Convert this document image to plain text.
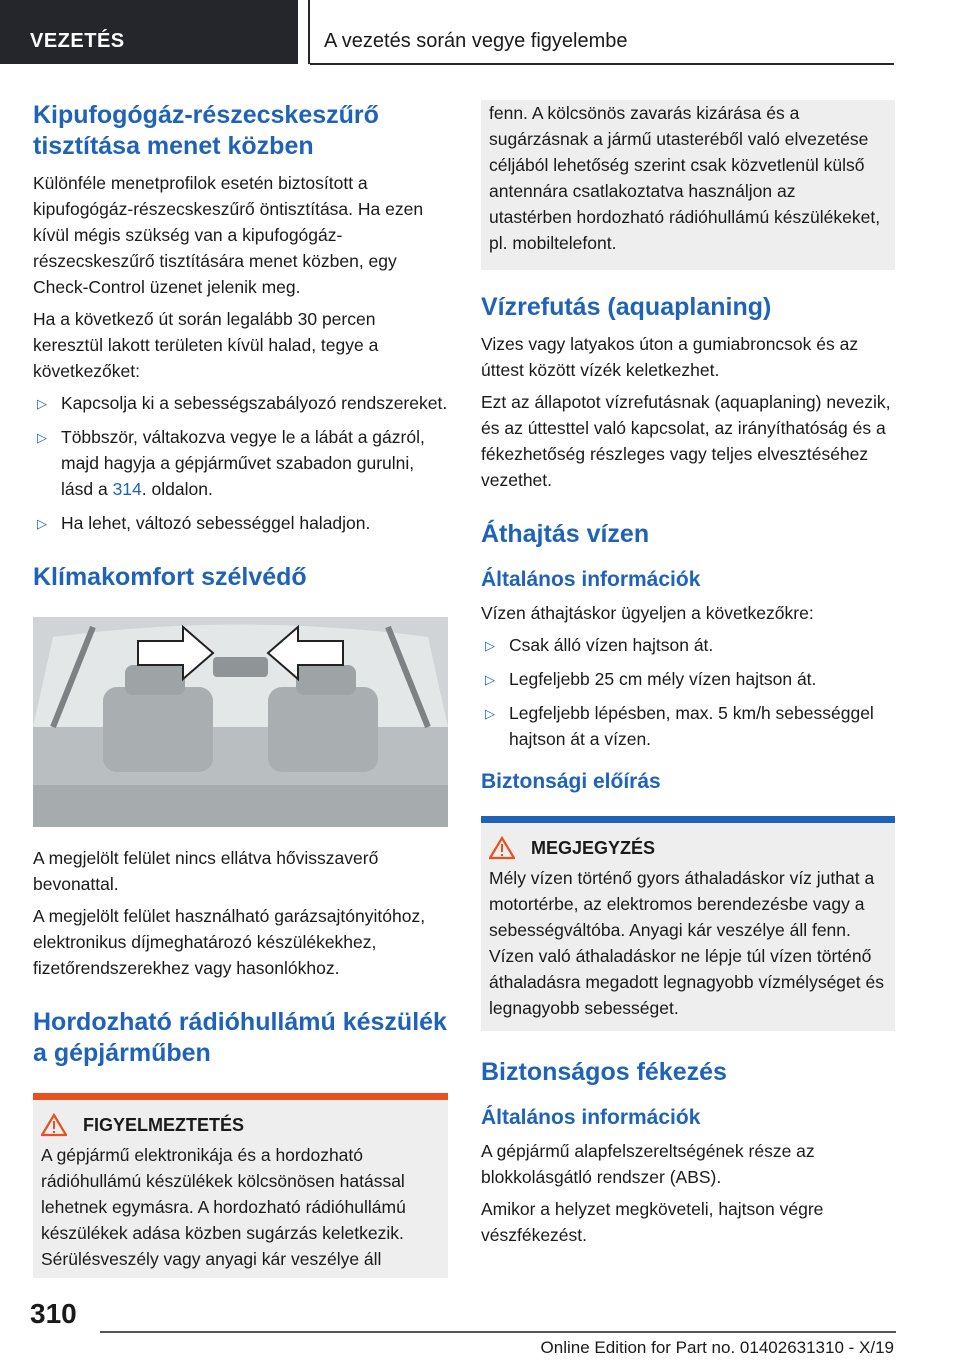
VEZETÉS	A vezetés során vegye figyelembe
Kipufogógáz-részecskeszűrő tisztítása menet közben

Különféle menetprofilok esetén biztosított a kipufogógáz-részecskeszűrő öntisztítása. Ha ezen kívül mégis szükség van a kipufogógáz-részecskeszűrő tisztítására menet közben, egy Check-Control üzenet jelenik meg.

Ha a következő út során legalább 30 percen keresztül lakott területen kívül halad, tegye a következőket:

▷ Kapcsolja ki a sebességszabályozó rendszereket.
▷ Többször, váltakozva vegye le a lábát a gázról, majd hagyja a gépjárművet szabadon gurulni, lásd a 314. oldalon.
▷ Ha lehet, változó sebességgel haladjon.
Klímakomfort szélvédő

A megjelölt felület nincs ellátva hővisszaverő bevonattal.

A megjelölt felület használható garázsajtónyitóhoz, elektronikus díjmeghatározó készülékekhez, fizetőrendszerekhez vagy hasonlókhoz.

Hordozható rádióhullámú készülék a gépjárműben
FIGYELMEZTETÉS
A gépjármű elektronikája és a hordozható rádióhullámú készülékek kölcsönösen hatással lehetnek egymásra. A hordozható rádióhullámú készülékek adása közben sugárzás keletkezik. Sérülésveszély vagy anyagi kár veszélye áll
fenn. A kölcsönös zavarás kizárása és a sugárzásnak a jármű utasteréből való elvezetése céljából lehetőség szerint csak közvetlenül külső antennára csatlakoztatva használjon az utastérben hordozható rádióhullámú készülékeket, pl. mobiltelefont.
Vízrefutás (aquaplaning)

Vizes vagy latyakos úton a gumiabroncsok és az úttest között vízék keletkezhet.

Ezt az állapotot vízrefutásnak (aquaplaning) nevezik, és az úttesttel való kapcsolat, az irányíthatóság és a fékezhetőség részleges vagy teljes elvesztéséhez vezethet.

Áthajtás vízen
Általános információk

Vízen áthajtáskor ügyeljen a következőkre:

▷ Csak álló vízen hajtson át.
▷ Legfeljebb 25 cm mély vízen hajtson át.
▷ Legfeljebb lépésben, max. 5 km/h sebességgel hajtson át a vízen.
Biztonsági előírás
MEGJEGYZÉS
Mély vízen történő gyors áthaladáskor víz juthat a motortérbe, az elektromos berendezésbe vagy a sebességváltóba. Anyagi kár veszélye áll fenn. Vízen való áthaladáskor ne lépje túl vízen történő áthaladásra megadott legnagyobb vízmélységet és legnagyobb sebességet.
Biztonságos fékezés
Általános információk

A gépjármű alapfelszereltségének része az blokkolásgátló rendszer (ABS).

Amikor a helyzet megköveteli, hajtson végre vészfékezést.

310
Online Edition for Part no. 01402631310 - X/19
